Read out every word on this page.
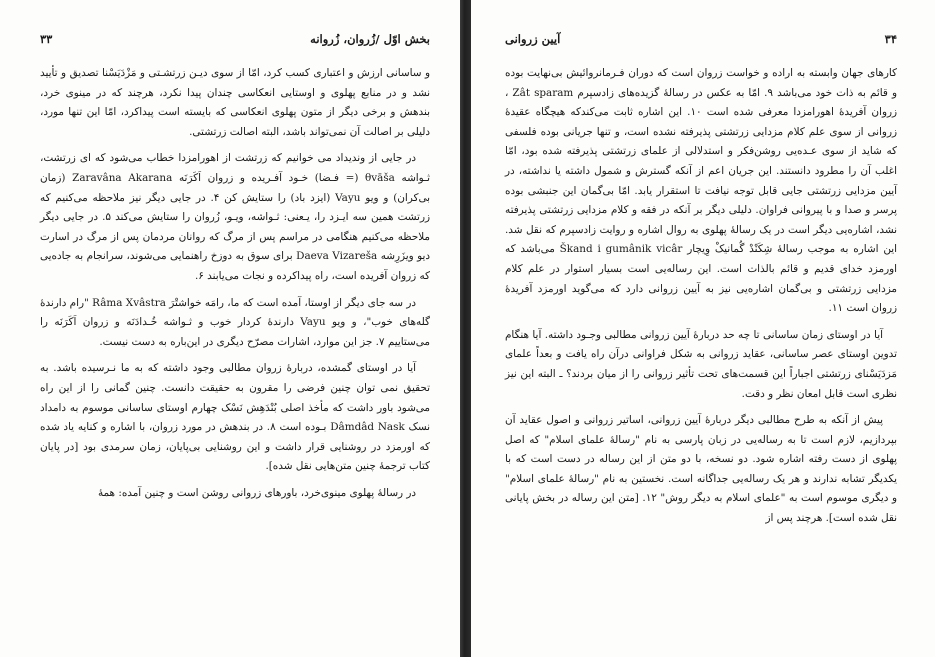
بخش اوّل /زُروان، زُروانه
۳۳

و ساسانی ارزش و اعتباری کسب کرد، امّا از سوی دیـن زرتشـتی و مَزْدَیَسْنا تصدیق و تأیید نشد و در منابع پهلوی و اوستایی انعکاسی چندان پیدا نکرد، هرچند که در مینوی خرد، بندهش و برخی دیگر از متون پهلوی انعکاسی که بایسته است پیداکرد، امّا این تنها مورد، دلیلی بر اصالت آن نمی‌تواند باشد، البته اصالت زرتشتی.

در جایی از وندیداد می خوانیم که زرتشت از اهورامزدا خطاب می‌شود که ای زرتشت، ثـواشه θvāša (= فـضا) خـود آفـریده و زروان اَکَرَنَه Zaravâna Akarana (زمان بی‌کران) و ویو Vayu (ایزد باد) را ستایش کن ۴. در جایی دیگر نیز ملاحظه می‌کنیم که زرتشت همین سه ایـزد را، یـعنی: ثـواشه، ویـو، زُروان را ستایش می‌کند ۵. در جایی دیگر ملاحظه می‌کنیم هنگامی در مراسم پس از مرگ که روانان مردمان پس از مرگ در اسارت دیو ویزَرِشه Daeva Vizareša برای سوق به دوزخ راهنمایی می‌شوند، سرانجام به جاده‌یی که زروان آفریده است، راه پیداکرده و نجات می‌یابند ۶.

در سه جای دیگر از اوستا، آمده است که ما، رامَه خواشتْرَ Râma Xvâstra "رام دارندهٔ گله‌های خوب"، و ویو Vayu دارندهٔ کردار خوب و ثـواشه خُـدادَنَه و زروان اَکَرَنَه را می‌ستاییم ۷. جز این موارد، اشارات مصرّح دیگری در این‌باره به دست نیست.

آیا در اوستای گمشده، دربارهٔ زروان مطالبی وجود داشته که به ما نـرسیده باشد. به تحقیق نمی توان چنین فرضی را مقرون به حقیقت دانست. چنین گمانی را از این راه می‌شود باور داشت که مأخذ اصلی بُنْدَهِش نَسْک چهارم اوستای ساسانی موسوم به دامداد نسک Dâmdâd Nask بـوده است ۸. در بندهش در مورد زروان، با اشاره و کنایه یاد شده که اورمزد در روشنایی قرار داشت و این روشنایی بی‌پایان، زمان سرمدی بود [در پایان کتاب ترجمهٔ چنین متن‌هایی نقل شده].

در رسالهٔ پهلوی مینوی‌خرد، باورهای زروانی روشن است و چنین آمده: همهٔ

۳۴
آیین زروانی

کارهای جهان وابسته به اراده و خواست زروان است که دوران فـرمانروائیش بی‌نهایت بوده و قائم به ذات خود می‌باشد ۹. امّا به عکس در رسالهٔ گزیده‌های زادسپرم Zât sparam ، زروان آفریدهٔ اهورامزدا معرفی شده است ۱۰. این اشاره ثابت می‌کندکه هیچگاه عقیدهٔ زروانی از سوی علم کلام مزدایی زرتشتی پذیرفته نشده است، و تنها جریانی بوده فلسفی که شاید از سوی عـده‌یی روشن‌فکر و استدلالی از علمای زرتشتی پذیرفته شده بود، امّا اغلب آن را مطرود دانستند. این جریان اعم از آنکه گسترش و شمول داشته یا نداشته، در آیین مزدایی زرتشتی جایی قابل توجه نیافت تا استقرار یابد. امّا بی‌گمان این جنبشی بوده پرسر و صدا و با پیروانی فراوان. دلیلی دیگر بر آنکه در فقه و کلام مزدایی زرتشتی پذیرفته نشد، اشاره‌یی دیگر است در یک رسالهٔ پهلوی به روال اشاره و روایت زادسپرم که نقل شد. این اشاره به موجب رسالهٔ شِکَنْدْ گُمانیکْ وِیچار Škand i gumânik vicâr می‌باشد که اورمزد خدای قدیم و قائم بالذات است. این رساله‌یی است بسیار استوار در علم کلام مزدایی زرتشتی و بی‌گمان اشاره‌یی نیز به آیین زروانی دارد که می‌گوید اورمزد آفریدهٔ زروان است ۱۱.

آیا در اوستای زمان ساسانی تا چه حد دربارهٔ آیین زروانی مطالبی وجـود داشته. آیا هنگام تدوین اوستای عصر ساسانی، عقاید زروانی به شکل فراوانی درآن راه یافت و بعداً علمای مَزدَیَسْنای زرتشتی اجباراً این قسمت‌های تحت تأثیر زروانی را از میان بردند؟ ـ البته این نیز نظری است قابل امعان نظر و دقت.

پیش از آنکه به طرح مطالبی دیگر دربارهٔ آیین زروانی، اساتیر زروانی و اصول عقاید آن بپردازیم، لازم است تا به رساله‌یی در زبان پارسی به نام "رسالهٔ علمای اسلام" که اصل پهلوی از دست رفته اشاره شود. دو نسخه، با دو متن از این رساله در دست است که با یکدیگر تشابه ندارند و هر یک رساله‌یی جداگانه است. نخستین به نام "رسالهٔ علمای اسلام" و دیگری موسوم است به "علمای اسلام به دیگر روش" ۱۲. [متن این رساله در بخش پایانی نقل شده است]. هرچند پس از
